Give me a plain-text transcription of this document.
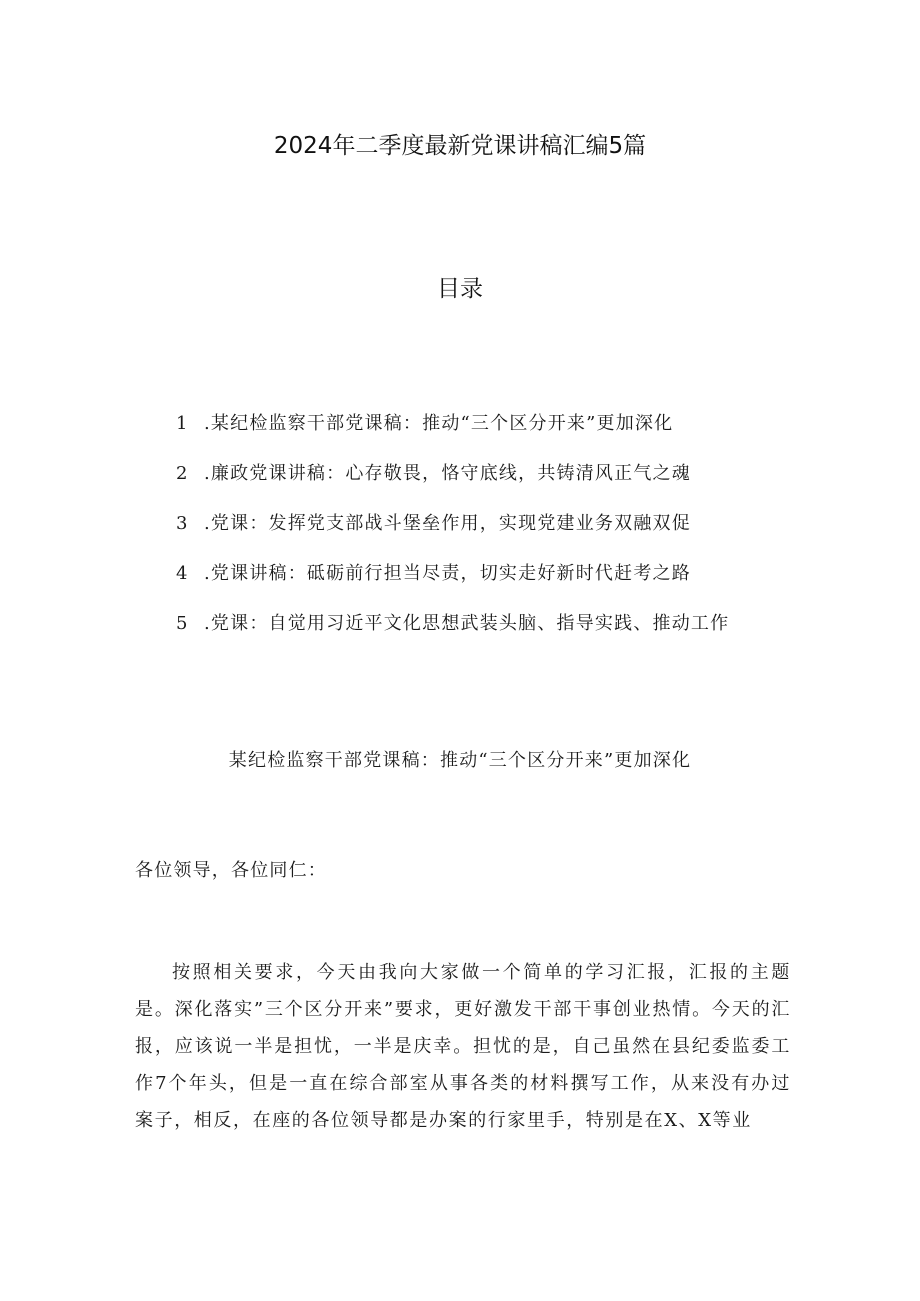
2024年二季度最新党课讲稿汇编5篇
目录
1 .某纪检监察干部党课稿：推动“三个区分开来”更加深化
2 .廉政党课讲稿：心存敬畏，恪守底线，共铸清风正气之魂
3 .党课：发挥党支部战斗堡垒作用，实现党建业务双融双促
4 .党课讲稿：砥砺前行担当尽责，切实走好新时代赶考之路
5 .党课：自觉用习近平文化思想武装头脑、指导实践、推动工作
某纪检监察干部党课稿：推动“三个区分开来”更加深化
各位领导，各位同仁：

按照相关要求，今天由我向大家做一个简单的学习汇报，汇报的主题是。深化落实”三个区分开来”要求，更好激发干部干事创业热情。今天的汇报，应该说一半是担忧，一半是庆幸。担忧的是，自己虽然在县纪委监委工作7个年头，但是一直在综合部室从事各类的材料撰写工作，从来没有办过案子，相反，在座的各位领导都是办案的行家里手，特别是在X、X等业
